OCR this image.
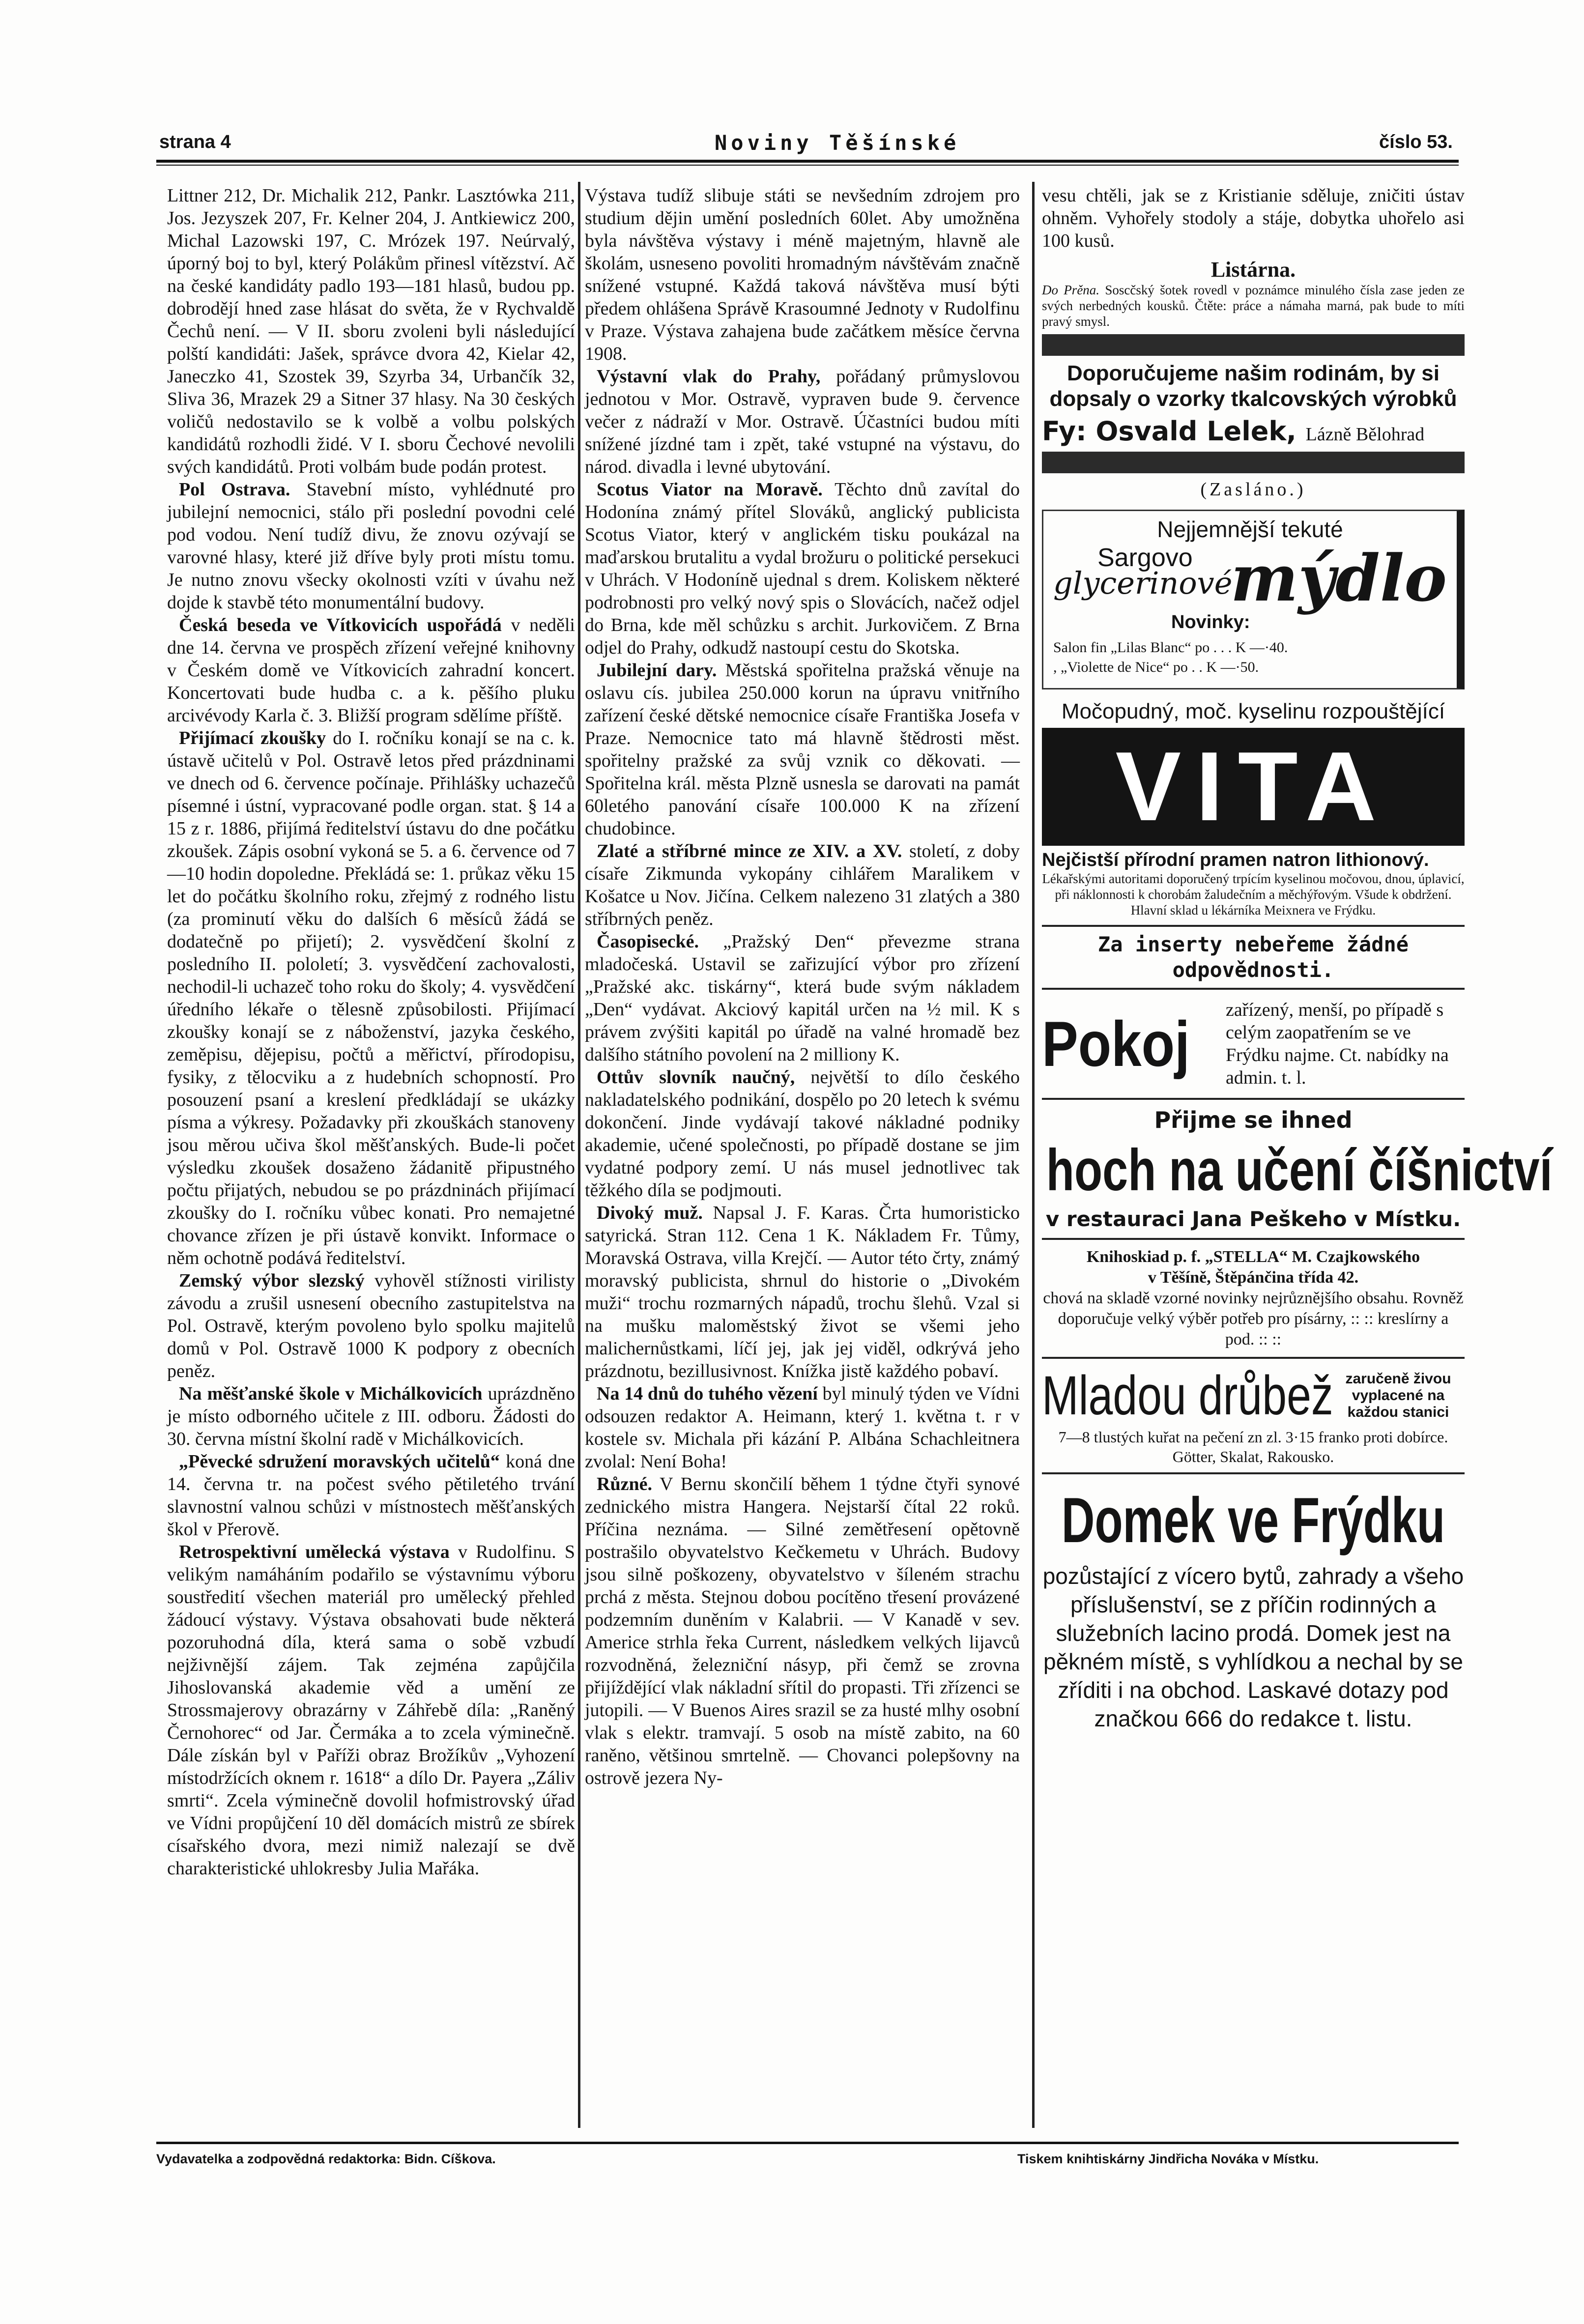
strana 4	Noviny Těšínské	číslo 53.

Littner 212, Dr. Michalik 212, Pankr. Lasztówka 211, Jos. Jezyszek 207, Fr. Kelner 204, J. Antkiewicz 200, Michal Lazowski 197, C. Mrózek 197. Neúrvalý, úporný boj to byl, který Polákům přinesl vítězství. Ač na české kandidáty padlo 193—181 hlasů, budou pp. dobrodějí hned zase hlásat do světa, že v Rychvaldě Čechů není. — V II. sboru zvoleni byli následující polští kandidáti: Jašek, správce dvora 42, Kielar 42, Janeczko 41, Szostek 39, Szyrba 34, Urbančík 32, Sliva 36, Mrazek 29 a Sitner 37 hlasy. Na 30 českých voličů nedostavilo se k volbě a volbu polských kandidátů rozhodli židé. V I. sboru Čechové nevolili svých kandidátů. Proti volbám bude podán protest.

Pol Ostrava. Stavební místo, vyhlédnuté pro jubilejní nemocnici, stálo při poslední povodni celé pod vodou. Není tudíž divu, že znovu ozývají se varovné hlasy, které již dříve byly proti místu tomu. Je nutno znovu všecky okolnosti vzíti v úvahu než dojde k stavbě této monumentální budovy.

Česká beseda ve Vítkovicích uspořádá v neděli dne 14. června ve prospěch zřízení veřejné knihovny v Českém domě ve Vítkovicích zahradní koncert. Koncertovati bude hudba c. a k. pěšího pluku arcivévody Karla č. 3. Bližší program sdělíme příště.

Přijímací zkoušky do I. ročníku konají se na c. k. ústavě učitelů v Pol. Ostravě letos před prázdninami ve dnech od 6. července počínaje. Přihlášky uchazečů písemné i ústní, vypracované podle organ. stat. § 14 a 15 z r. 1886, přijímá ředitelství ústavu do dne počátku zkoušek. Zápis osobní vykoná se 5. a 6. července od 7—10 hodin dopoledne. Překládá se: 1. průkaz věku 15 let do počátku školního roku, zřejmý z rodného listu (za prominutí věku do dalších 6 měsíců žádá se dodatečně po přijetí); 2. vysvědčení školní z posledního II. pololetí; 3. vysvědčení zachovalosti, nechodil-li uchazeč toho roku do školy; 4. vysvědčení úředního lékaře o tělesně způsobilosti. Přijímací zkoušky konají se z náboženství, jazyka českého, zeměpisu, dějepisu, počtů a měřictví, přírodopisu, fysiky, z tělocviku a z hudebních schopností. Pro posouzení psaní a kreslení předkládají se ukázky písma a výkresy. Požadavky při zkouškách stanoveny jsou měrou učiva škol měšťanských. Bude-li počet výsledku zkoušek dosaženo žádanitě připustného počtu přijatých, nebudou se po prázdninách přijímací zkoušky do I. ročníku vůbec konati. Pro nemajetné chovance zřízen je při ústavě konvikt. Informace o něm ochotně podává ředitelství.

Zemský výbor slezský vyhověl stížnosti virilisty závodu a zrušil usnesení obecního zastupitelstva na Pol. Ostravě, kterým povoleno bylo spolku majitelů domů v Pol. Ostravě 1000 K podpory z obecních peněz.

Na měšťanské škole v Michálkovicích uprázdněno je místo odborného učitele z III. odboru. Žádosti do 30. června místní školní radě v Michálkovicích.

„Pěvecké sdružení moravských učitelů“ koná dne 14. června tr. na počest svého pětiletého trvání slavnostní valnou schůzi v místnostech měšťanských škol v Přerově.

Retrospektivní umělecká výstava v Rudolfinu. S velikým namáháním podařilo se výstavnímu výboru soustředití všechen materiál pro umělecký přehled žádoucí výstavy. Výstava obsahovati bude některá pozoruhodná díla, která sama o sobě vzbudí nejživnější zájem. Tak zejména zapůjčila Jihoslovanská akademie věd a umění ze Strossmajerovy obrazárny v Záhřebě díla: „Raněný Černohorec“ od Jar. Čermáka a to zcela výminečně. Dále získán byl v Paříži obraz Brožíkův „Vyhození místodržících oknem r. 1618“ a dílo Dr. Payera „Záliv smrti“. Zcela výminečně dovolil hofmistrovský úřad ve Vídni propůjčení 10 děl domácích mistrů ze sbírek císařského dvora, mezi nimiž nalezají se dvě charakteristické uhlokresby Julia Mařáka.

Výstava tudíž slibuje státi se nevšedním zdrojem pro studium dějin umění posledních 60let. Aby umožněna byla návštěva výstavy i méně majetným, hlavně ale školám, usneseno povoliti hromadným návštěvám značně snížené vstupné. Každá taková návštěva musí býti předem ohlášena Správě Krasoumné Jednoty v Rudolfinu v Praze. Výstava zahajena bude začátkem měsíce června 1908.

Výstavní vlak do Prahy, pořádaný průmyslovou jednotou v Mor. Ostravě, vypraven bude 9. července večer z nádraží v Mor. Ostravě. Účastníci budou míti snížené jízdné tam i zpět, také vstupné na výstavu, do národ. divadla i levné ubytování.

Scotus Viator na Moravě. Těchto dnů zavítal do Hodonína známý přítel Slováků, anglický publicista Scotus Viator, který v anglickém tisku poukázal na maďarskou brutalitu a vydal brožuru o politické persekuci v Uhrách. V Hodoníně ujednal s drem. Koliskem některé podrobnosti pro velký nový spis o Slovácích, načež odjel do Brna, kde měl schůzku s archit. Jurkovičem. Z Brna odjel do Prahy, odkudž nastoupí cestu do Skotska.

Jubilejní dary. Městská spořitelna pražská věnuje na oslavu cís. jubilea 250.000 korun na úpravu vnitřního zařízení české dětské nemocnice císaře Františka Josefa v Praze. Nemocnice tato má hlavně štědrosti měst. spořitelny pražské za svůj vznik co děkovati. — Spořitelna král. města Plzně usnesla se darovati na památ 60letého panování císaře 100.000 K na zřízení chudobince.

Zlaté a stříbrné mince ze XIV. a XV. století, z doby císaře Zikmunda vykopány cihlářem Maralikem v Košatce u Nov. Jičína. Celkem nalezeno 31 zlatých a 380 stříbrných peněz.

Časopisecké. „Pražský Den“ převezme strana mladočeská. Ustavil se zařizující výbor pro zřízení „Pražské akc. tiskárny“, která bude svým nákladem „Den“ vydávat. Akciový kapitál určen na ½ mil. K s právem zvýšiti kapitál po úřadě na valné hromadě bez dalšího státního povolení na 2 milliony K.

Ottův slovník naučný, největší to dílo českého nakladatelského podnikání, dospělo po 20 letech k svému dokončení. Jinde vydávají takové nákladné podniky akademie, učené společnosti, po případě dostane se jim vydatné podpory zemí. U nás musel jednotlivec tak těžkého díla se podjmouti.

Divoký muž. Napsal J. F. Karas. Črta humoristicko satyrická. Stran 112. Cena 1 K. Nákladem Fr. Tůmy, Moravská Ostrava, villa Krejčí. — Autor této črty, známý moravský publicista, shrnul do historie o „Divokém muži“ trochu rozmarných nápadů, trochu šlehů. Vzal si na mušku maloměstský život se všemi jeho malichernůstkami, líčí jej, jak jej viděl, odkrývá jeho prázdnotu, bezillusivnost. Knížka jistě každého pobaví.

Na 14 dnů do tuhého vězení byl minulý týden ve Vídni odsouzen redaktor A. Heimann, který 1. května t. r v kostele sv. Michala při kázání P. Albána Schachleitnera zvolal: Není Boha!

Různé. V Bernu skončilí během 1 týdne čtyři synové zednického mistra Hangera. Nejstarší čítal 22 roků. Příčina neznáma. — Silné zemětřesení opětovně postrašilo obyvatelstvo Kečkemetu v Uhrách. Budovy jsou silně poškozeny, obyvatelstvo v šíleném strachu prchá z města. Stejnou dobou pocítěno třesení provázené podzemním duněním v Kalabrii. — V Kanadě v sev. Americe strhla řeka Current, následkem velkých lijavců rozvodněná, železniční násyp, při čemž se zrovna přijíždějící vlak nákladní sřítil do propasti. Tři zřízenci se jutopili. — V Buenos Aires srazil se za husté mlhy osobní vlak s elektr. tramvají. 5 osob na místě zabito, na 60 raněno, většinou smrtelně. — Chovanci polepšovny na ostrově jezera Ny-

vesu chtěli, jak se z Kristianie sděluje, zničiti ústav ohněm. Vyhořely stodoly a stáje, dobytka uhořelo asi 100 kusů.

Listárna.
Do Prěna. Soscčský šotek rovedl v poznámce minulého čísla zase jeden ze svých nerbedných kousků. Čtěte: práce a námaha marná, pak bude to míti pravý smysl.
Doporučujeme našim rodinám, by si dopsaly o vzorky tkalcovských výrobků
Fy: Osvald Lelek, Lázně Bělohrad
(Zasláno.)
Nejjemnější tekuté
Sargovo
glycerinové
mýdlo
Novinky:
Salon fin „Lilas Blanc“ po . . . K —·40.
, „Violette de Nice“ po . . K —·50.
Močopudný, moč. kyselinu rozpouštějící
VITA
Nejčistší přírodní pramen natron lithionový.
Lékařskými autoritami doporučený trpícím kyselinou močovou, dnou, úplavicí, při náklonnosti k chorobám žaludečním a měchýřovým. Všude k obdržení.
Hlavní sklad u lékárníka Meixnera ve Frýdku.
Za inserty nebeřeme žádné odpovědnosti.
Pokoj zařízený, menší, po případě s celým zaopatřením se ve Frýdku najme. Ct. nabídky na admin. t. l.
Přijme se ihned
hoch na učení číšnictví
v restauraci Jana Peškeho v Místku.
Knihoskiad p. f. „STELLA“ M. Czajkowského
v Těšíně, Štěpánčina třída 42.
chová na skladě vzorné novinky nejrůznějšího obsahu. Rovněž doporučuje velký výběr potřeb pro písárny, :: :: kreslírny a pod. :: ::
Mladou drůbež zaručeně živou vyplacené na každou stanici
7—8 tlustých kuřat na pečení zn zl. 3·15 franko proti dobírce. Götter, Skalat, Rakousko.
Domek ve Frýdku
pozůstající z vícero bytů, zahrady a všeho příslušenství, se z příčin rodinných a služebních lacino prodá. Domek jest na pěkném místě, s vyhlídkou a nechal by se zříditi i na obchod. Laskavé dotazy pod značkou 666 do redakce t. listu.
Vydavatelka a zodpovědná redaktorka: Bidn. Cíškova.	Tiskem knihtiskárny Jindřicha Nováka v Místku.
